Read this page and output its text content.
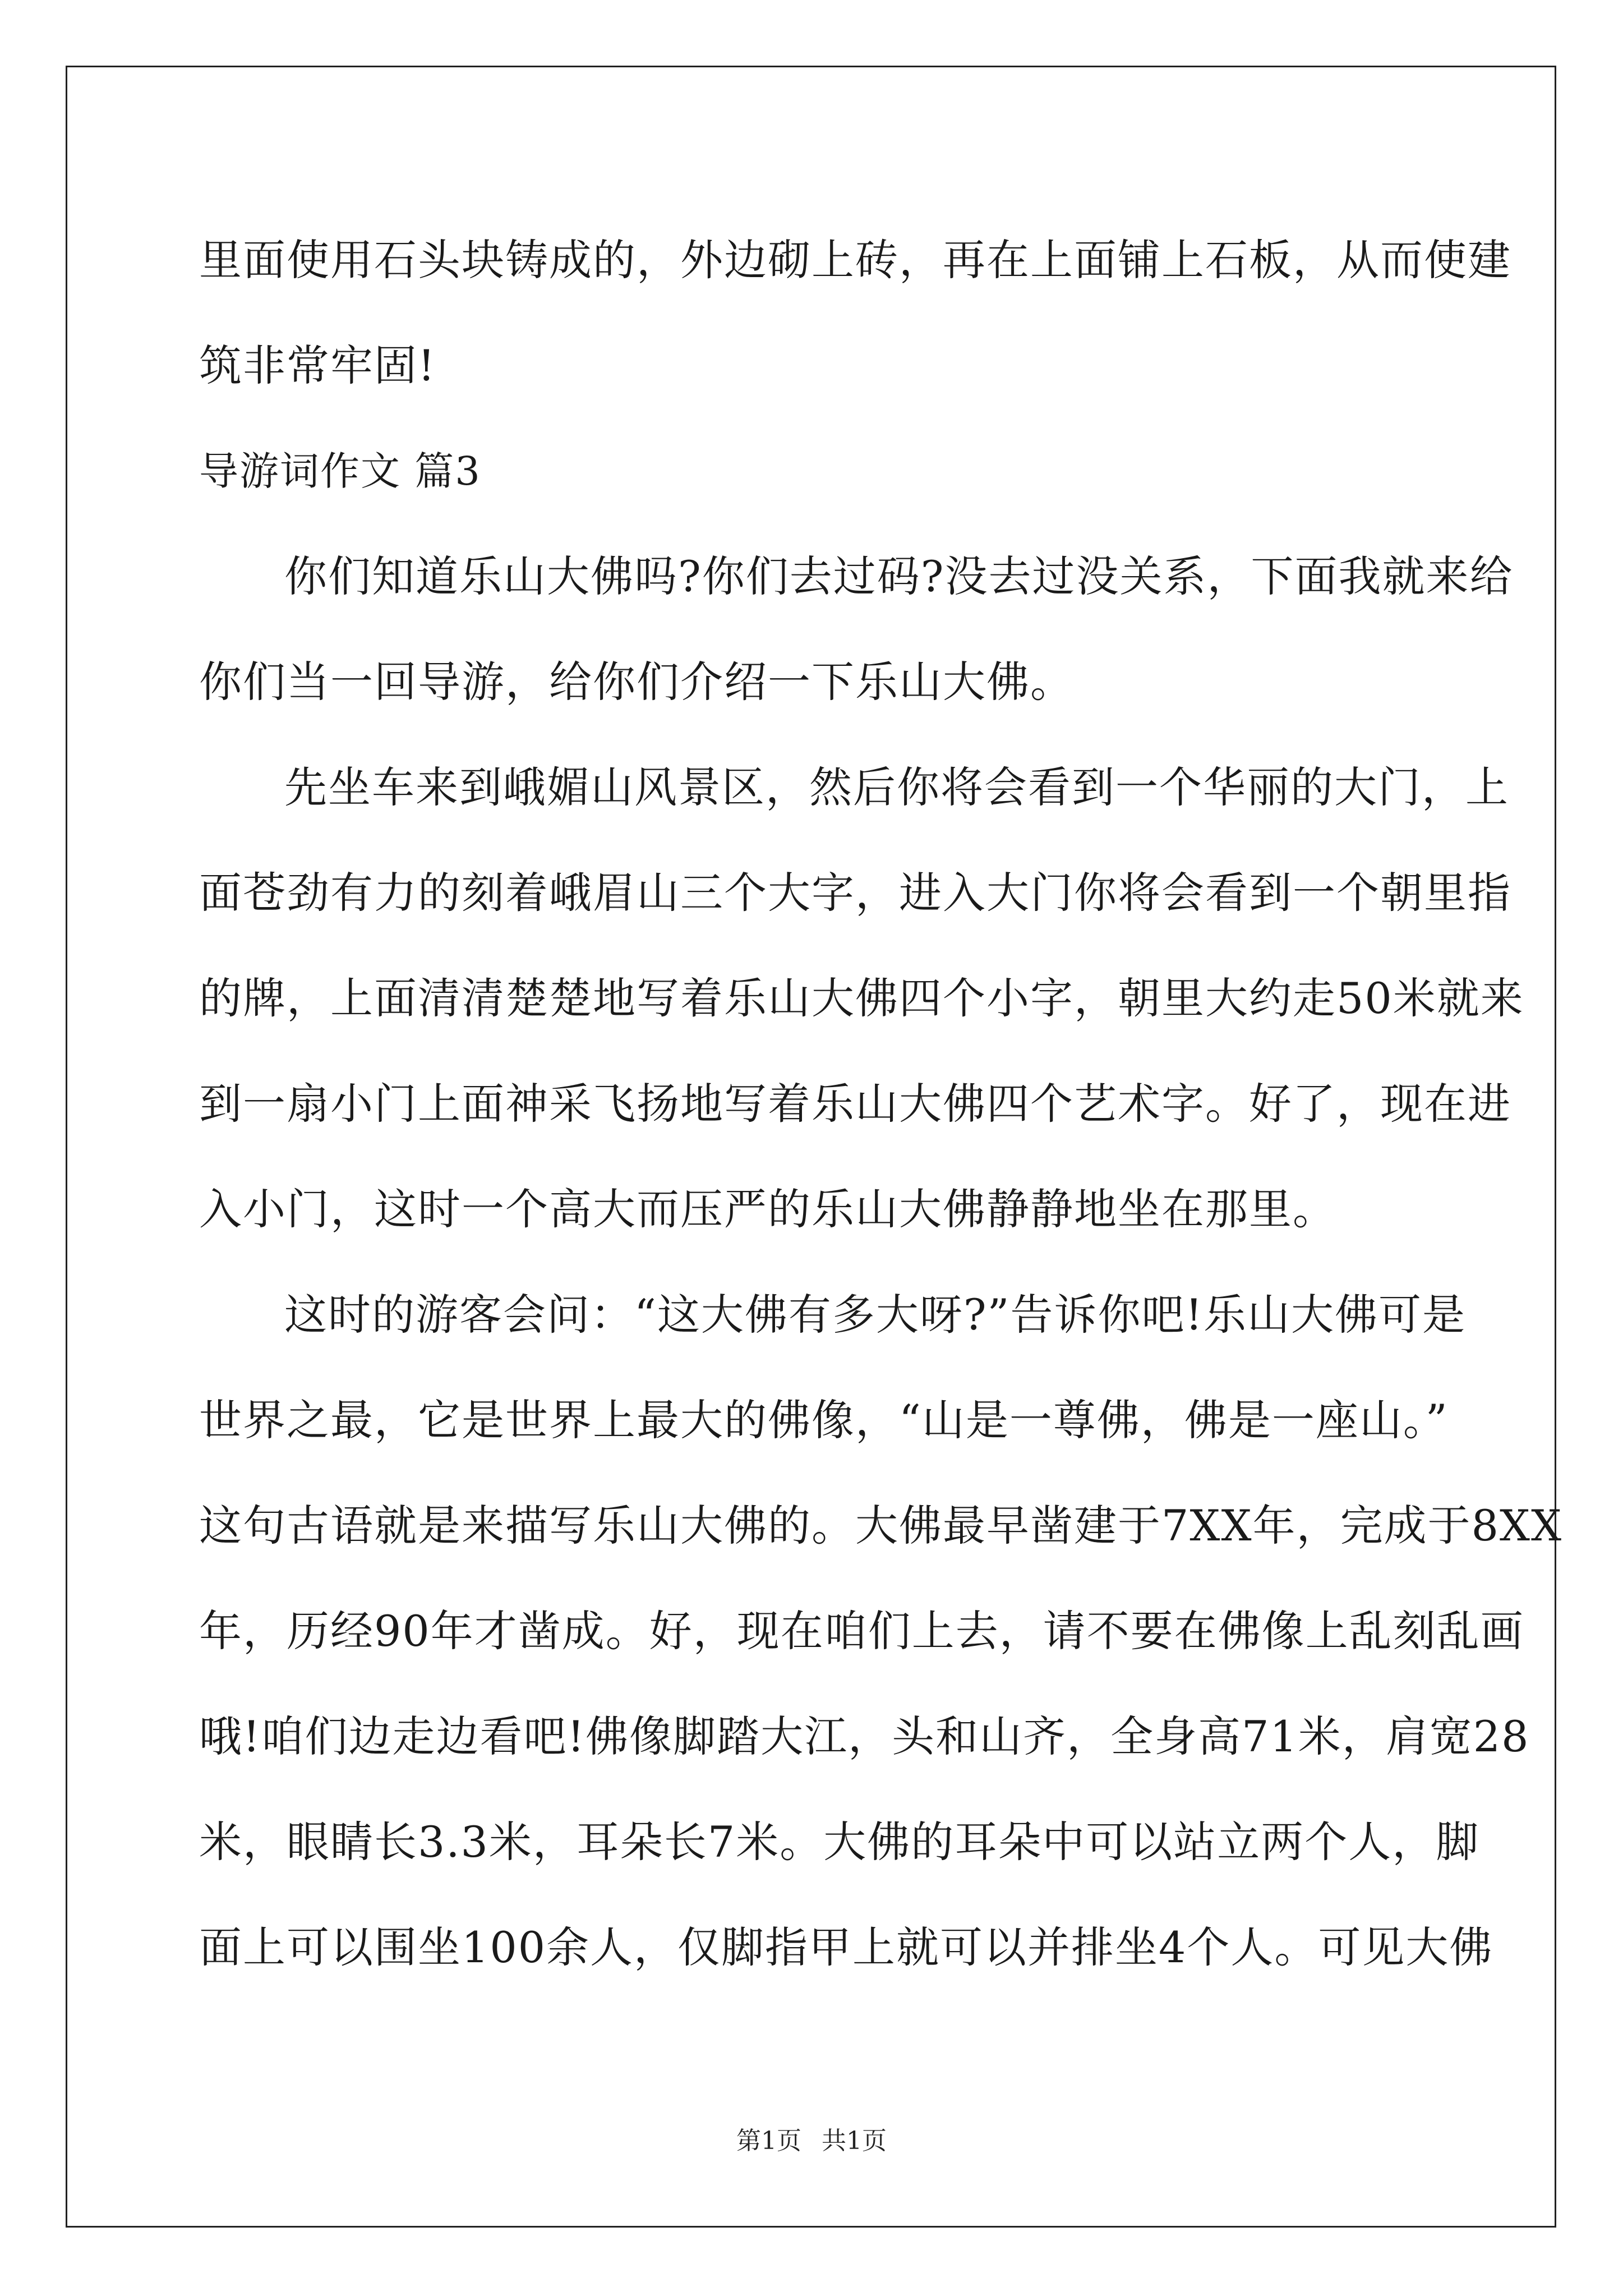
里面使用石头块铸成的，外边砌上砖，再在上面铺上石板，从而使建
筑非常牢固!
导游词作文 篇3
你们知道乐山大佛吗?你们去过码?没去过没关系，下面我就来给
你们当一回导游，给你们介绍一下乐山大佛。
先坐车来到峨媚山风景区，然后你将会看到一个华丽的大门，上
面苍劲有力的刻着峨眉山三个大字，进入大门你将会看到一个朝里指
的牌，上面清清楚楚地写着乐山大佛四个小字，朝里大约走50米就来
到一扇小门上面神采飞扬地写着乐山大佛四个艺术字。好了，现在进
入小门，这时一个高大而压严的乐山大佛静静地坐在那里。
这时的游客会问：“这大佛有多大呀?”告诉你吧!乐山大佛可是
世界之最，它是世界上最大的佛像，“山是一尊佛，佛是一座山。”
这句古语就是来描写乐山大佛的。大佛最早凿建于7XX年，完成于8XX
年，历经90年才凿成。好，现在咱们上去，请不要在佛像上乱刻乱画
哦!咱们边走边看吧!佛像脚踏大江，头和山齐，全身高71米，肩宽28
米，眼睛长3.3米，耳朵长7米。大佛的耳朵中可以站立两个人，脚
面上可以围坐100余人，仅脚指甲上就可以并排坐4个人。可见大佛
第1页 共1页
